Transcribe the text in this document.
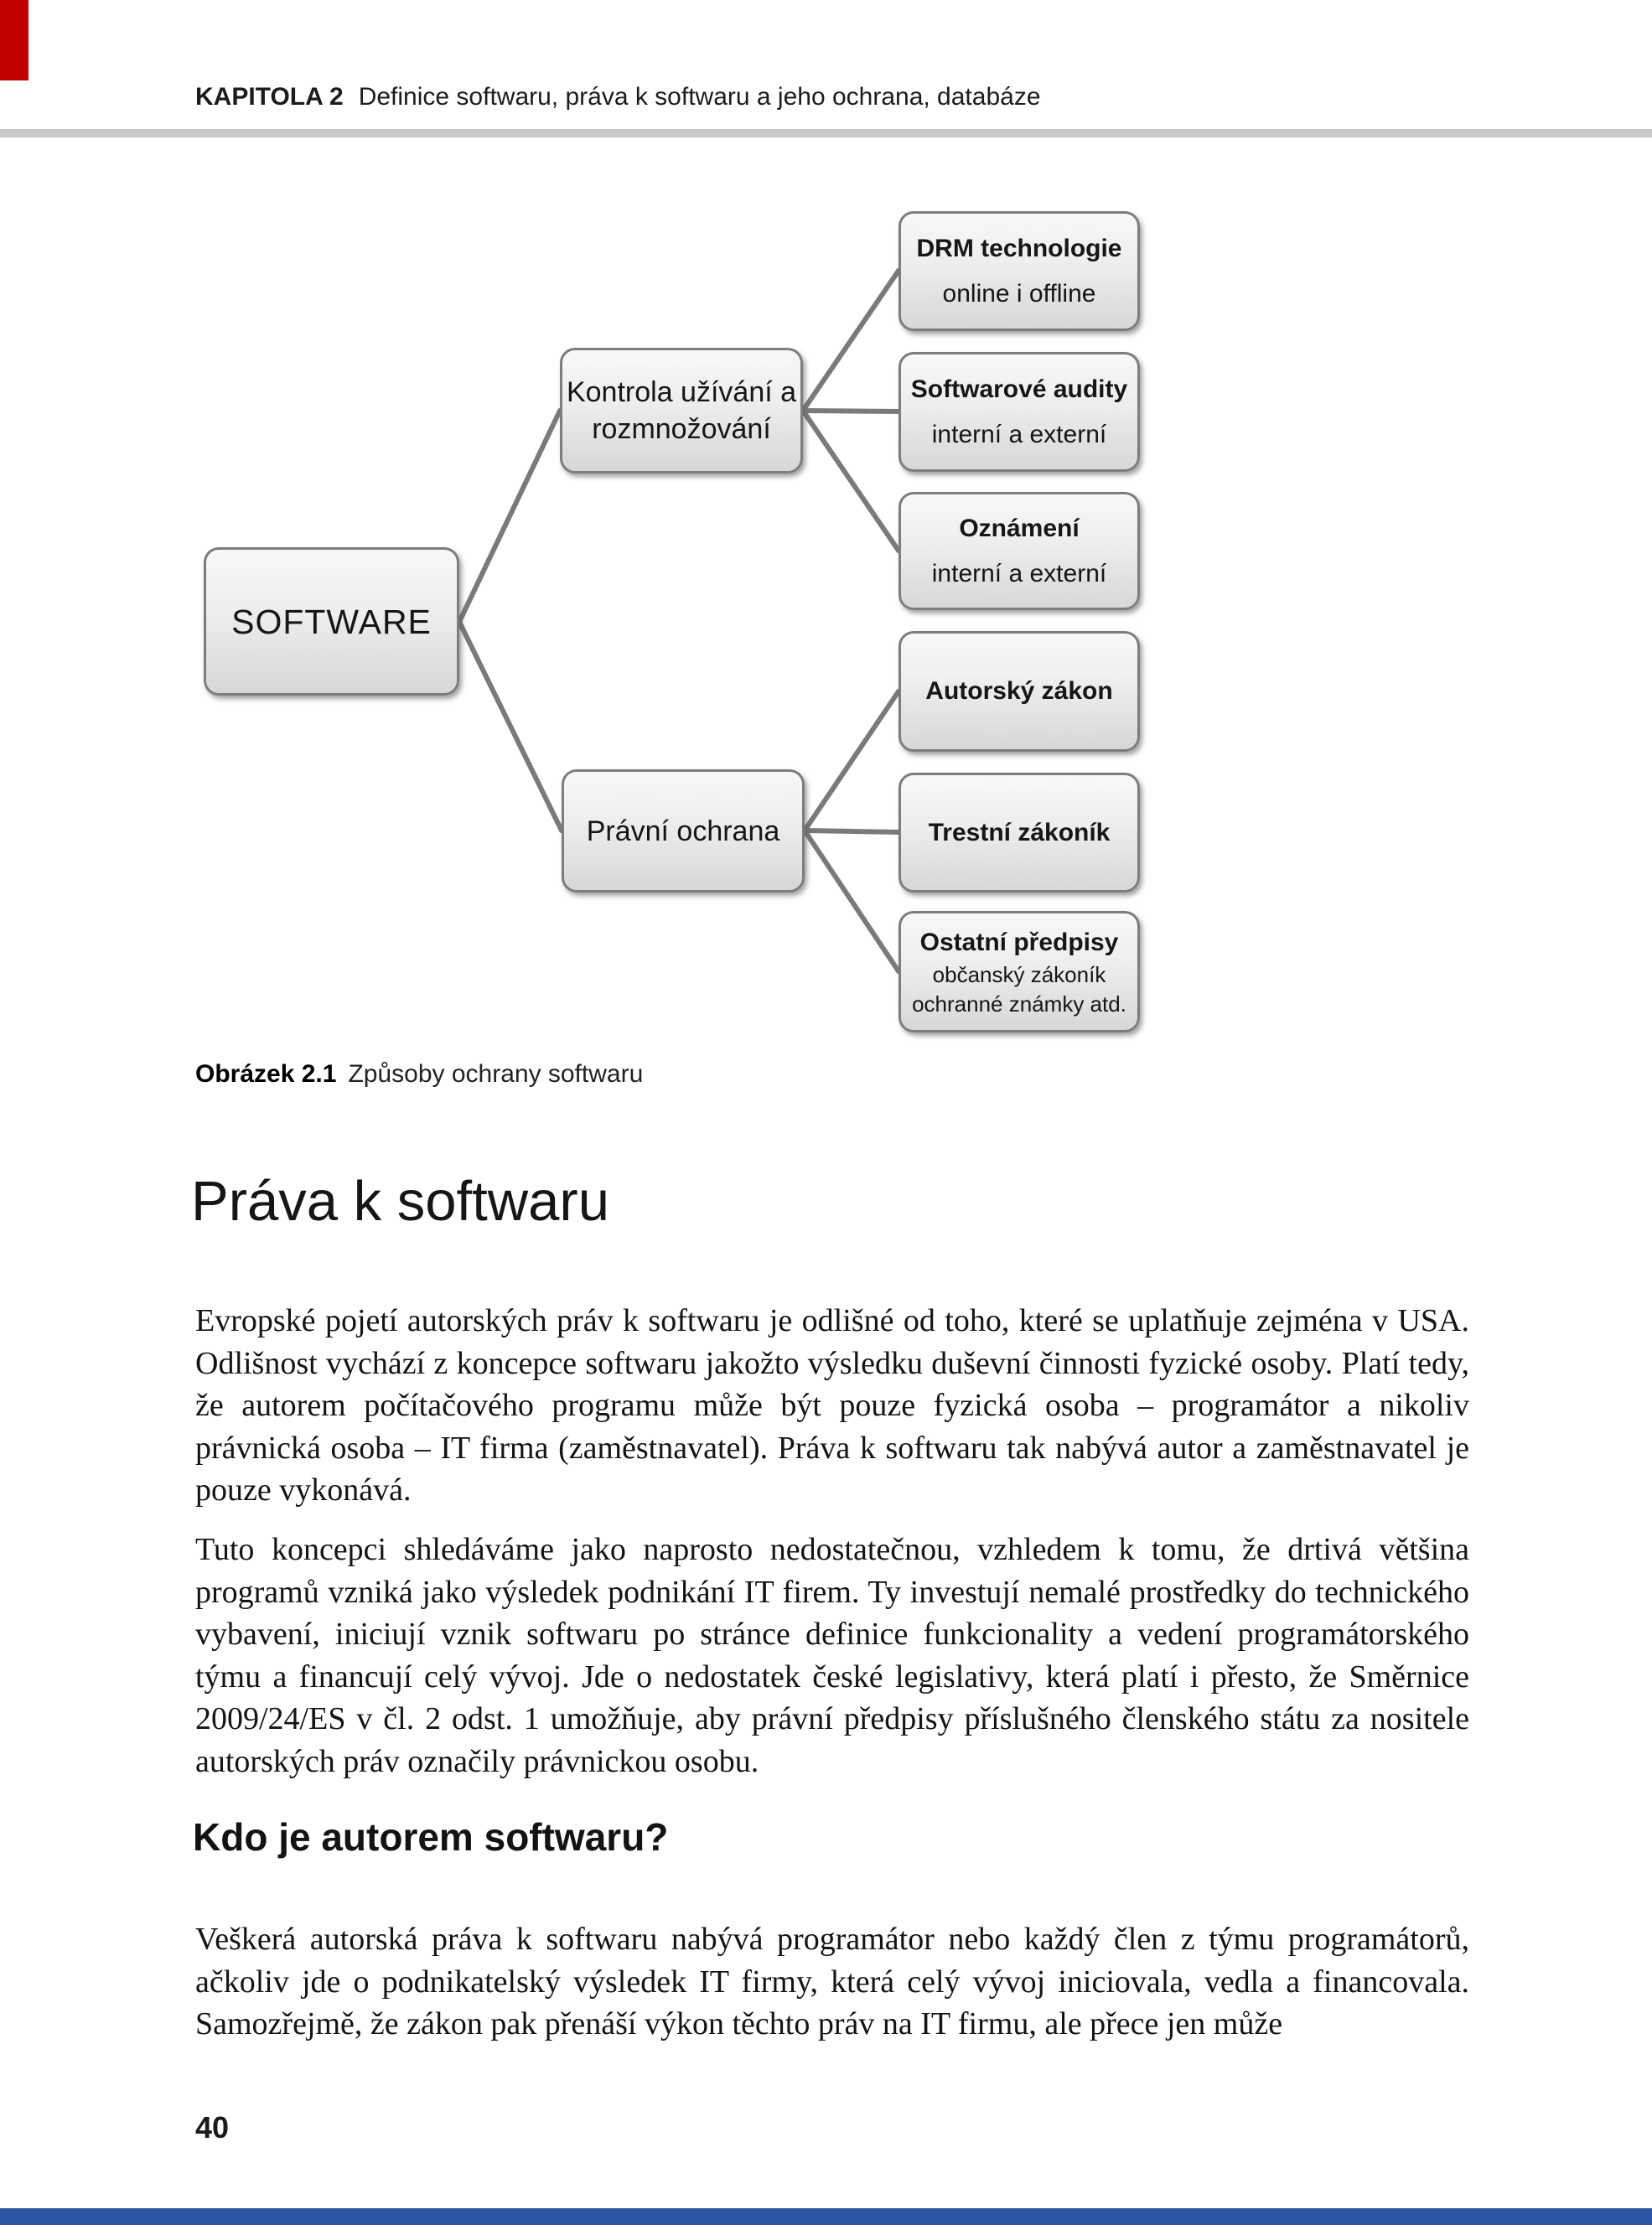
KAPITOLA 2 Definice softwaru, práva k softwaru a jeho ochrana, databáze
SOFTWARE
Kontrola užívání a
rozmnožování
Právní ochrana
DRM technologie
online i offline
Softwarové audity
interní a externí
Oznámení
interní a externí
Autorský zákon
Trestní zákoník
Ostatní předpisy
občanský zákoník
ochranné známky atd.
Obrázek 2.1 Způsoby ochrany softwaru
Práva k softwaru

Evropské pojetí autorských práv k softwaru je odlišné od toho, které se uplatňuje zejména v USA. Odlišnost vychází z koncepce softwaru jakožto výsledku duševní činnosti fyzické osoby. Platí tedy, že autorem počítačového programu může být pouze fyzická osoba – programátor a nikoliv právnická osoba – IT firma (zaměstnavatel). Práva k softwaru tak nabývá autor a zaměstnavatel je pouze vykonává.

Tuto koncepci shledáváme jako naprosto nedostatečnou, vzhledem k tomu, že drtivá většina programů vzniká jako výsledek podnikání IT firem. Ty investují nemalé prostředky do technického vybavení, iniciují vznik softwaru po stránce definice funkcionality a vedení programátorského týmu a financují celý vývoj. Jde o nedostatek české legislativy, která platí i přesto, že Směrnice 2009/24/ES v čl. 2 odst. 1 umožňuje, aby právní předpisy příslušného členského státu za nositele autorských práv označily právnickou osobu.

Kdo je autorem softwaru?

Veškerá autorská práva k softwaru nabývá programátor nebo každý člen z týmu programátorů, ačkoliv jde o podnikatelský výsledek IT firmy, která celý vývoj iniciovala, vedla a financovala. Samozřejmě, že zákon pak přenáší výkon těchto práv na IT firmu, ale přece jen může

40
